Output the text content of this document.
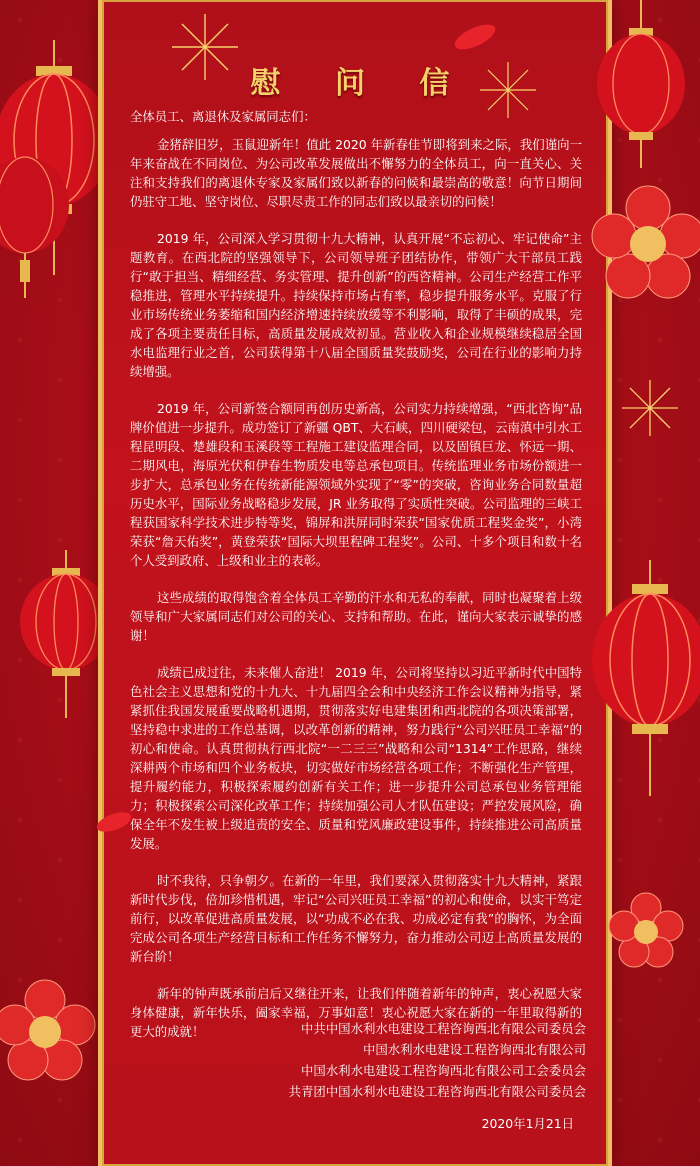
慰 问 信

全体员工、离退休及家属同志们：

金猪辞旧岁，玉鼠迎新年！值此 2020 年新春佳节即将到来之际，我们谨向一年来奋战在不同岗位、为公司改革发展做出不懈努力的全体员工，向一直关心、关注和支持我们的离退休专家及家属们致以新春的问候和最崇高的敬意！向节日期间仍驻守工地、坚守岗位、尽职尽责工作的同志们致以最亲切的问候！

2019 年，公司深入学习贯彻十九大精神，认真开展“不忘初心、牢记使命”主题教育。在西北院的坚强领导下，公司领导班子团结协作，带领广大干部员工践行“敢于担当、精细经营、务实管理、提升创新”的西咨精神。公司生产经营工作平稳推进，管理水平持续提升。持续保持市场占有率，稳步提升服务水平。克服了行业市场传统业务萎缩和国内经济增速持续放缓等不利影响，取得了丰硕的成果，完成了各项主要责任目标，高质量发展成效初显。营业收入和企业规模继续稳居全国水电监理行业之首，公司获得第十八届全国质量奖鼓励奖，公司在行业的影响力持续增强。

2019 年，公司新签合额同再创历史新高，公司实力持续增强，“西北咨询”品牌价值进一步提升。成功签订了新疆 QBT、大石峡，四川硬梁包，云南滇中引水工程昆明段、楚雄段和玉溪段等工程施工建设监理合同，以及固镇巨龙、怀远一期、二期风电，海原光伏和伊春生物质发电等总承包项目。传统监理业务市场份额进一步扩大，总承包业务在传统新能源领域外实现了“零”的突破，咨询业务合同数量超历史水平，国际业务战略稳步发展，JR 业务取得了实质性突破。公司监理的三峡工程获国家科学技术进步特等奖，锦屏和洪屏同时荣获“国家优质工程奖金奖”，小湾荣获“詹天佑奖”，黄登荣获“国际大坝里程碑工程奖”。公司、十多个项目和数十名个人受到政府、上级和业主的表彰。

这些成绩的取得饱含着全体员工辛勤的汗水和无私的奉献，同时也凝聚着上级领导和广大家属同志们对公司的关心、支持和帮助。在此，谨向大家表示诚挚的感谢！

成绩已成过往，未来催人奋进！ 2019 年，公司将坚持以习近平新时代中国特色社会主义思想和党的十九大、十九届四全会和中央经济工作会议精神为指导，紧紧抓住我国发展重要战略机遇期，贯彻落实好电建集团和西北院的各项决策部署，坚持稳中求进的工作总基调，以改革创新的精神，努力践行“公司兴旺员工幸福”的初心和使命。认真贯彻执行西北院“一二三三”战略和公司“1314”工作思路，继续深耕两个市场和四个业务板块，切实做好市场经营各项工作；不断强化生产管理，提升履约能力，积极探索履约创新有关工作；进一步提升公司总承包业务管理能力；积极探索公司深化改革工作；持续加强公司人才队伍建设；严控发展风险，确保全年不发生被上级追责的安全、质量和党风廉政建设事件，持续推进公司高质量发展。

时不我待，只争朝夕。在新的一年里，我们要深入贯彻落实十九大精神，紧跟新时代步伐，倍加珍惜机遇，牢记“公司兴旺员工幸福”的初心和使命，以实干笃定前行，以改革促进高质量发展，以“功成不必在我、功成必定有我”的胸怀，为全面完成公司各项生产经营目标和工作任务不懈努力，奋力推动公司迈上高质量发展的新台阶！

新年的钟声既承前启后又继往开来，让我们伴随着新年的钟声，衷心祝愿大家身体健康，新年快乐，阖家幸福，万事如意！衷心祝愿大家在新的一年里取得新的更大的成就！	中共中国水利水电建设工程咨询西北有限公司委员会
中国水利水电建设工程咨询西北有限公司
中国水利水电建设工程咨询西北有限公司工会委员会
共青团中国水利水电建设工程咨询西北有限公司委员会
2020年1月21日
